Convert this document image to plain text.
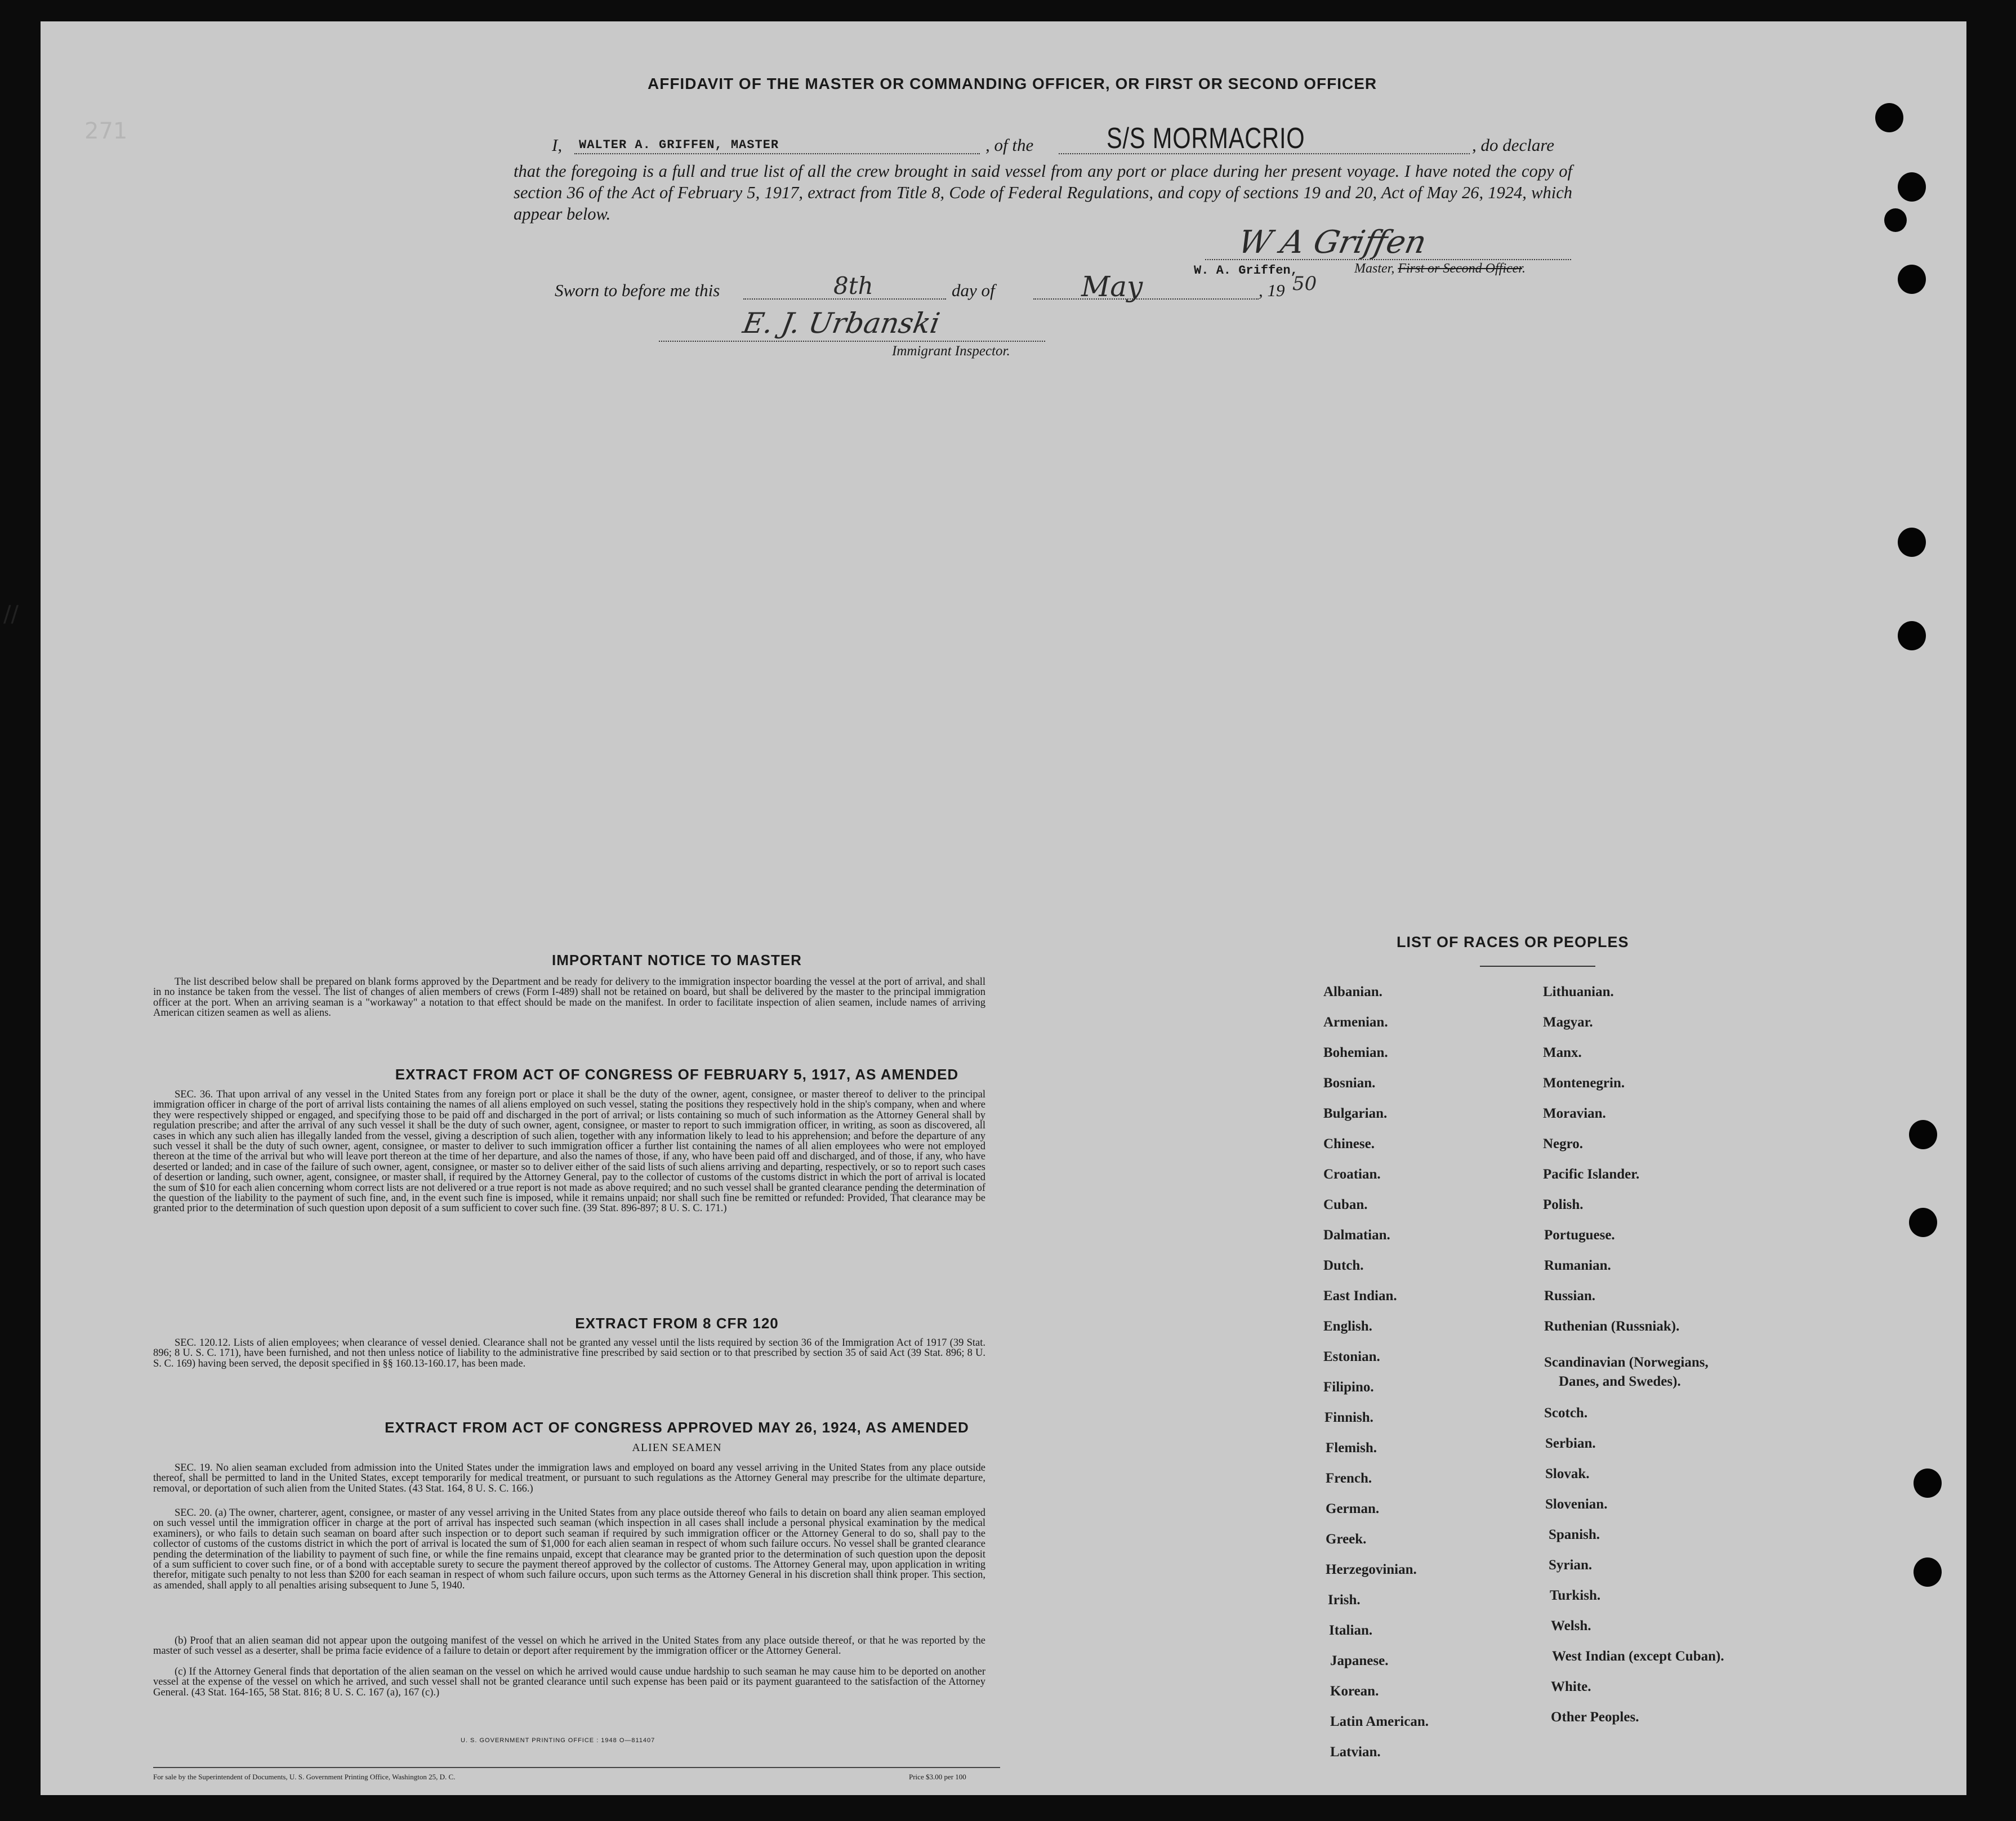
//
271
AFFIDAVIT OF THE MASTER OR COMMANDING OFFICER, OR FIRST OR SECOND OFFICER
I, WALTER A. GRIFFEN, MASTER	, of the S/S MORMACRIO	, do declare
that the foregoing is a full and true list of all the crew brought in said vessel from any port or place during her present voyage. I have noted the copy of section 36 of the Act of February 5, 1917, extract from Title 8, Code of Federal Regulations, and copy of sections 19 and 20, Act of May 26, 1924, which appear below.
Sworn to before me this	8th	day of	May	, 19 50
W A Griffen
W. A. Griffen,	Master, First or Second Officer.
E. J. Urbanski
Immigrant Inspector.
IMPORTANT NOTICE TO MASTER
The list described below shall be prepared on blank forms approved by the Department and be ready for delivery to the immigration inspector boarding the vessel at the port of arrival, and shall in no instance be taken from the vessel. The list of changes of alien members of crews (Form I-489) shall not be retained on board, but shall be delivered by the master to the principal immigration officer at the port. When an arriving seaman is a "workaway" a notation to that effect should be made on the manifest. In order to facilitate inspection of alien seamen, include names of arriving American citizen seamen as well as aliens.
EXTRACT FROM ACT OF CONGRESS OF FEBRUARY 5, 1917, AS AMENDED
SEC. 36. That upon arrival of any vessel in the United States from any foreign port or place it shall be the duty of the owner, agent, consignee, or master thereof to deliver to the principal immigration officer in charge of the port of arrival lists containing the names of all aliens employed on such vessel, stating the positions they respectively hold in the ship's company, when and where they were respectively shipped or engaged, and specifying those to be paid off and discharged in the port of arrival; or lists containing so much of such information as the Attorney General shall by regulation prescribe; and after the arrival of any such vessel it shall be the duty of such owner, agent, consignee, or master to report to such immigration officer, in writing, as soon as discovered, all cases in which any such alien has illegally landed from the vessel, giving a description of such alien, together with any information likely to lead to his apprehension; and before the departure of any such vessel it shall be the duty of such owner, agent, consignee, or master to deliver to such immigration officer a further list containing the names of all alien employees who were not employed thereon at the time of the arrival but who will leave port thereon at the time of her departure, and also the names of those, if any, who have been paid off and discharged, and of those, if any, who have deserted or landed; and in case of the failure of such owner, agent, consignee, or master so to deliver either of the said lists of such aliens arriving and departing, respectively, or so to report such cases of desertion or landing, such owner, agent, consignee, or master shall, if required by the Attorney General, pay to the collector of customs of the customs district in which the port of arrival is located the sum of $10 for each alien concerning whom correct lists are not delivered or a true report is not made as above required; and no such vessel shall be granted clearance pending the determination of the question of the liability to the payment of such fine, and, in the event such fine is imposed, while it remains unpaid; nor shall such fine be remitted or refunded: Provided, That clearance may be granted prior to the determination of such question upon deposit of a sum sufficient to cover such fine. (39 Stat. 896-897; 8 U. S. C. 171.)
EXTRACT FROM 8 CFR 120
SEC. 120.12. Lists of alien employees; when clearance of vessel denied. Clearance shall not be granted any vessel until the lists required by section 36 of the Immigration Act of 1917 (39 Stat. 896; 8 U. S. C. 171), have been furnished, and not then unless notice of liability to the administrative fine prescribed by said section or to that prescribed by section 35 of said Act (39 Stat. 896; 8 U. S. C. 169) having been served, the deposit specified in §§ 160.13-160.17, has been made.
EXTRACT FROM ACT OF CONGRESS APPROVED MAY 26, 1924, AS AMENDED
ALIEN SEAMEN
SEC. 19. No alien seaman excluded from admission into the United States under the immigration laws and employed on board any vessel arriving in the United States from any place outside thereof, shall be permitted to land in the United States, except temporarily for medical treatment, or pursuant to such regulations as the Attorney General may prescribe for the ultimate departure, removal, or deportation of such alien from the United States. (43 Stat. 164, 8 U. S. C. 166.)
SEC. 20. (a) The owner, charterer, agent, consignee, or master of any vessel arriving in the United States from any place outside thereof who fails to detain on board any alien seaman employed on such vessel until the immigration officer in charge at the port of arrival has inspected such seaman (which inspection in all cases shall include a personal physical examination by the medical examiners), or who fails to detain such seaman on board after such inspection or to deport such seaman if required by such immigration officer or the Attorney General to do so, shall pay to the collector of customs of the customs district in which the port of arrival is located the sum of $1,000 for each alien seaman in respect of whom such failure occurs. No vessel shall be granted clearance pending the determination of the liability to payment of such fine, or while the fine remains unpaid, except that clearance may be granted prior to the determination of such question upon the deposit of a sum sufficient to cover such fine, or of a bond with acceptable surety to secure the payment thereof approved by the collector of customs. The Attorney General may, upon application in writing therefor, mitigate such penalty to not less than $200 for each seaman in respect of whom such failure occurs, upon such terms as the Attorney General in his discretion shall think proper. This section, as amended, shall apply to all penalties arising subsequent to June 5, 1940.
(b) Proof that an alien seaman did not appear upon the outgoing manifest of the vessel on which he arrived in the United States from any place outside thereof, or that he was reported by the master of such vessel as a deserter, shall be prima facie evidence of a failure to detain or deport after requirement by the immigration officer or the Attorney General.
(c) If the Attorney General finds that deportation of the alien seaman on the vessel on which he arrived would cause undue hardship to such seaman he may cause him to be deported on another vessel at the expense of the vessel on which he arrived, and such vessel shall not be granted clearance until such expense has been paid or its payment guaranteed to the satisfaction of the Attorney General. (43 Stat. 164-165, 58 Stat. 816; 8 U. S. C. 167 (a), 167 (c).)
U. S. GOVERNMENT PRINTING OFFICE : 1948 O—811407
For sale by the Superintendent of Documents, U. S. Government Printing Office, Washington 25, D. C.	Price $3.00 per 100
LIST OF RACES OR PEOPLES
Albanian.
Armenian.
Bohemian.
Bosnian.
Bulgarian.
Chinese.
Croatian.
Cuban.
Dalmatian.
Dutch.
East Indian.
English.
Estonian.
Filipino.
Finnish.
Flemish.
French.
German.
Greek.
Herzegovinian.
Irish.
Italian.
Japanese.
Korean.
Latin American.
Latvian.
Lithuanian.
Magyar.
Manx.
Montenegrin.
Moravian.
Negro.
Pacific Islander.
Polish.
Portuguese.
Rumanian.
Russian.
Ruthenian (Russniak).
Scandinavian (Norwegians,
Danes, and Swedes).
Scotch.
Serbian.
Slovak.
Slovenian.
Spanish.
Syrian.
Turkish.
Welsh.
West Indian (except Cuban).
White.
Other Peoples.
